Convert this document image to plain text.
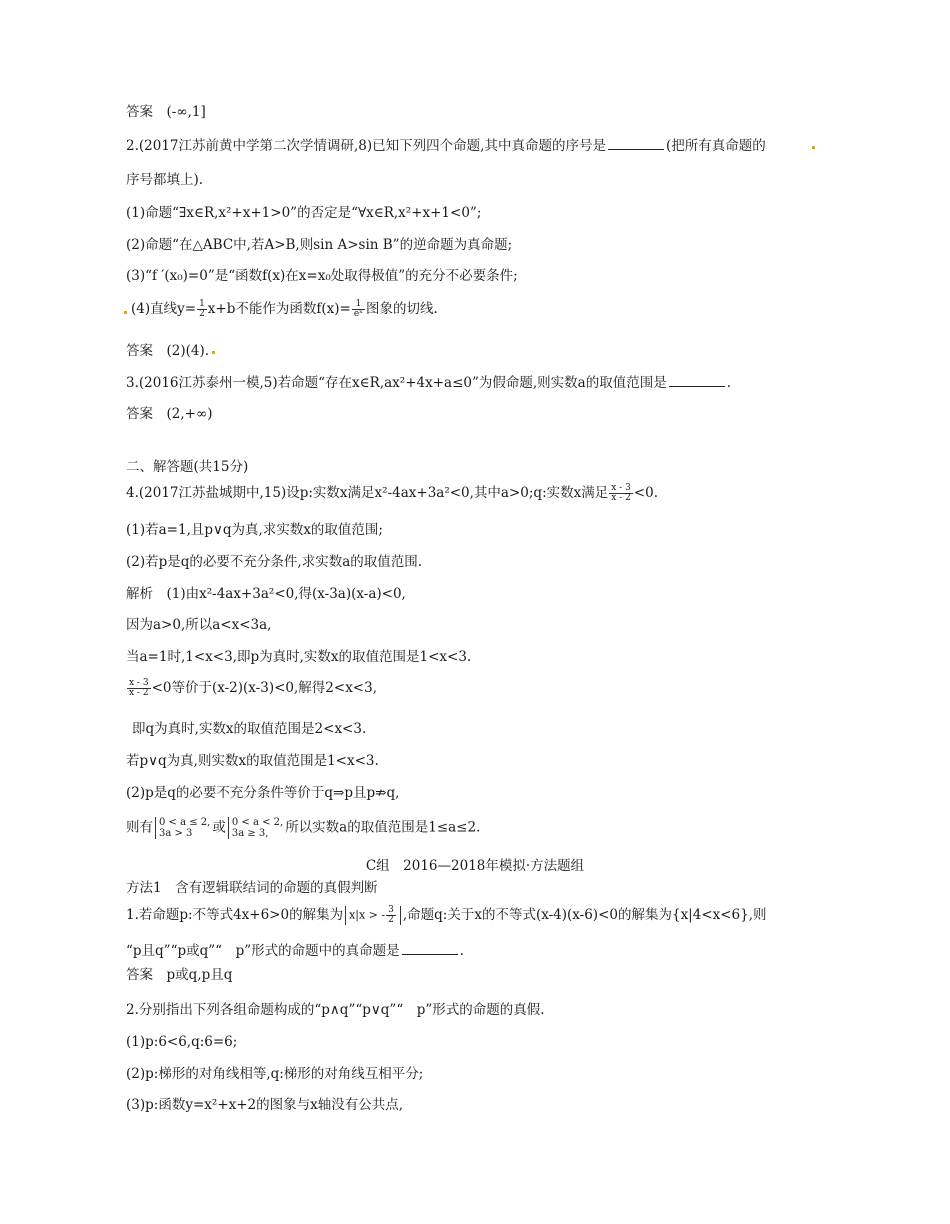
答案　(-∞,1]
2.(2017江苏前黄中学第二次学情调研,8)已知下列四个命题,其中真命题的序号是	(把所有真命题的
序号都填上).
(1)命题“∃x∈R,x²+x+1>0”的否定是“∀x∈R,x²+x+1<0”;
(2)命题“在△ABC中,若A>B,则sin A>sin B”的逆命题为真命题;
(3)“f ′(x₀)=0”是“函数f(x)在x=x₀处取得极值”的充分不必要条件;
(4)直线$y= \frac{1}{2} x+b$不能作为函数$f(x)= \frac{1}{\text{eˣ}}$ 图象的切线.
答案　(2)(4).
3.(2016江苏泰州一模,5)若命题“存在x∈R,ax²+4x+a≤0”为假命题,则实数a的取值范围是	.
答案　(2,+∞)
二、解答题(共15分)
4.(2017江苏盐城期中,15)设p:实数x满足x²-4ax+3a²<0,其中a>0;q:实数x满足 $\frac{x - 3}{x - 2} <0$.
(1)若a=1,且p∨q为真,求实数x的取值范围;
(2)若p是q的必要不充分条件,求实数a的取值范围.
解析　(1)由x²-4ax+3a²<0,得(x-3a)(x-a)<0,
因为a>0,所以a<x<3a,
当a=1时,1<x<3,即p为真时,实数x的取值范围是1<x<3.
$\frac{x - 3}{x - 2} <0$等价于(x-2)(x-3)<0,解得2<x<3,
即q为真时,实数x的取值范围是2<x<3.
若p∨q为真,则实数x的取值范围是1<x<3.
(2)p是q的必要不充分条件等价于q⇒p且p⇏q,
则有 0 < a ≤ 2,
3a > 3	或 0 < a < 2,
3a ≥ 3,	所以实数a的取值范围是1≤a≤2.
C组　2016—2018年模拟·方法题组
方法1　含有逻辑联结词的命题的真假判断
1.若命题p:不等式4x+6>0的解集为 x|x > - $\frac{3}{2}$ ,命题q:关于x的不等式(x-4)(x-6)<0的解集为{x|4<x<6},则
“p且q”“p或q”“　p”形式的命题中的真命题是	.
答案　p或q,p且q
2.分别指出下列各组命题构成的“p∧q”“p∨q”“　p”形式的命题的真假.
(1)p:6<6,q:6=6;
(2)p:梯形的对角线相等,q:梯形的对角线互相平分;
(3)p:函数y=x²+x+2的图象与x轴没有公共点,
